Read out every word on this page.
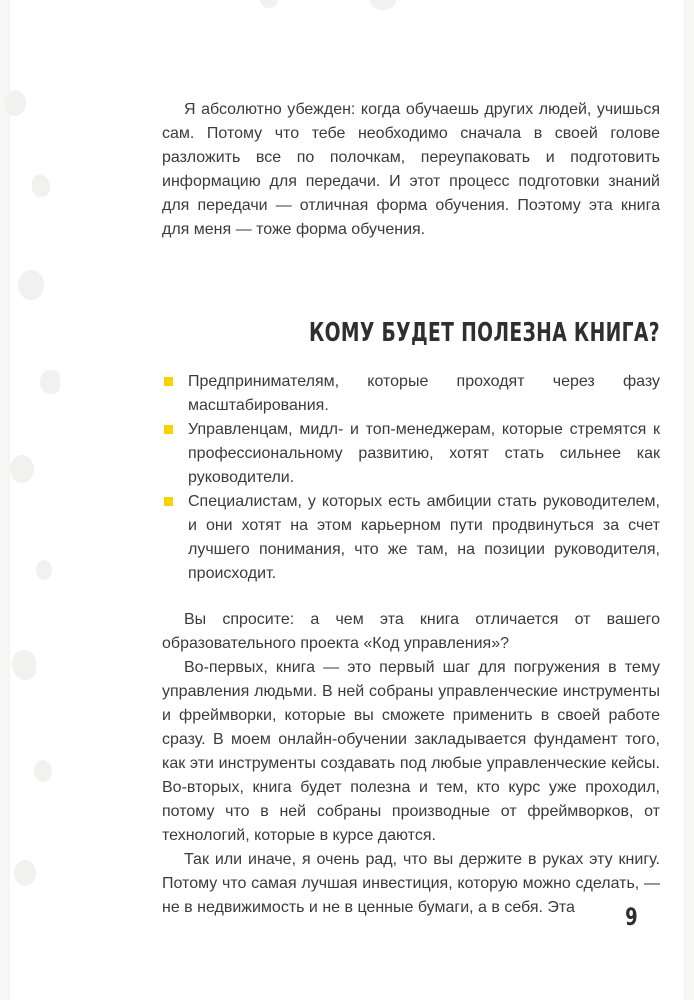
Я абсолютно убежден: когда обучаешь других людей, учишься сам. Потому что тебе необходимо сначала в своей голове разложить все по полочкам, переупаковать и подготовить информацию для передачи. И этот процесс подготовки знаний для передачи — отличная форма обучения. Поэтому эта книга для меня — тоже форма обучения.

КОМУ БУДЕТ ПОЛЕЗНА КНИГА?
Предпринимателям, которые проходят через фазу масштабирования.
Управленцам, мидл- и топ-менеджерам, которые стремятся к профессиональному развитию, хотят стать сильнее как руководители.
Специалистам, у которых есть амбиции стать руководителем, и они хотят на этом карьерном пути продвинуться за счет лучшего понимания, что же там, на позиции руководителя, происходит.

Вы спросите: а чем эта книга отличается от вашего образовательного проекта «Код управления»?

Во-первых, книга — это первый шаг для погружения в тему управления людьми. В ней собраны управленческие инструменты и фреймворки, которые вы сможете применить в своей работе сразу. В моем онлайн-обучении закладывается фундамент того, как эти инструменты создавать под любые управленческие кейсы. Во-вторых, книга будет полезна и тем, кто курс уже проходил, потому что в ней собраны производные от фреймворков, от технологий, которые в курсе даются.

Так или иначе, я очень рад, что вы держите в руках эту книгу. Потому что самая лучшая инвестиция, которую можно сделать, — не в недвижимость и не в ценные бумаги, а в себя. Эта	9
